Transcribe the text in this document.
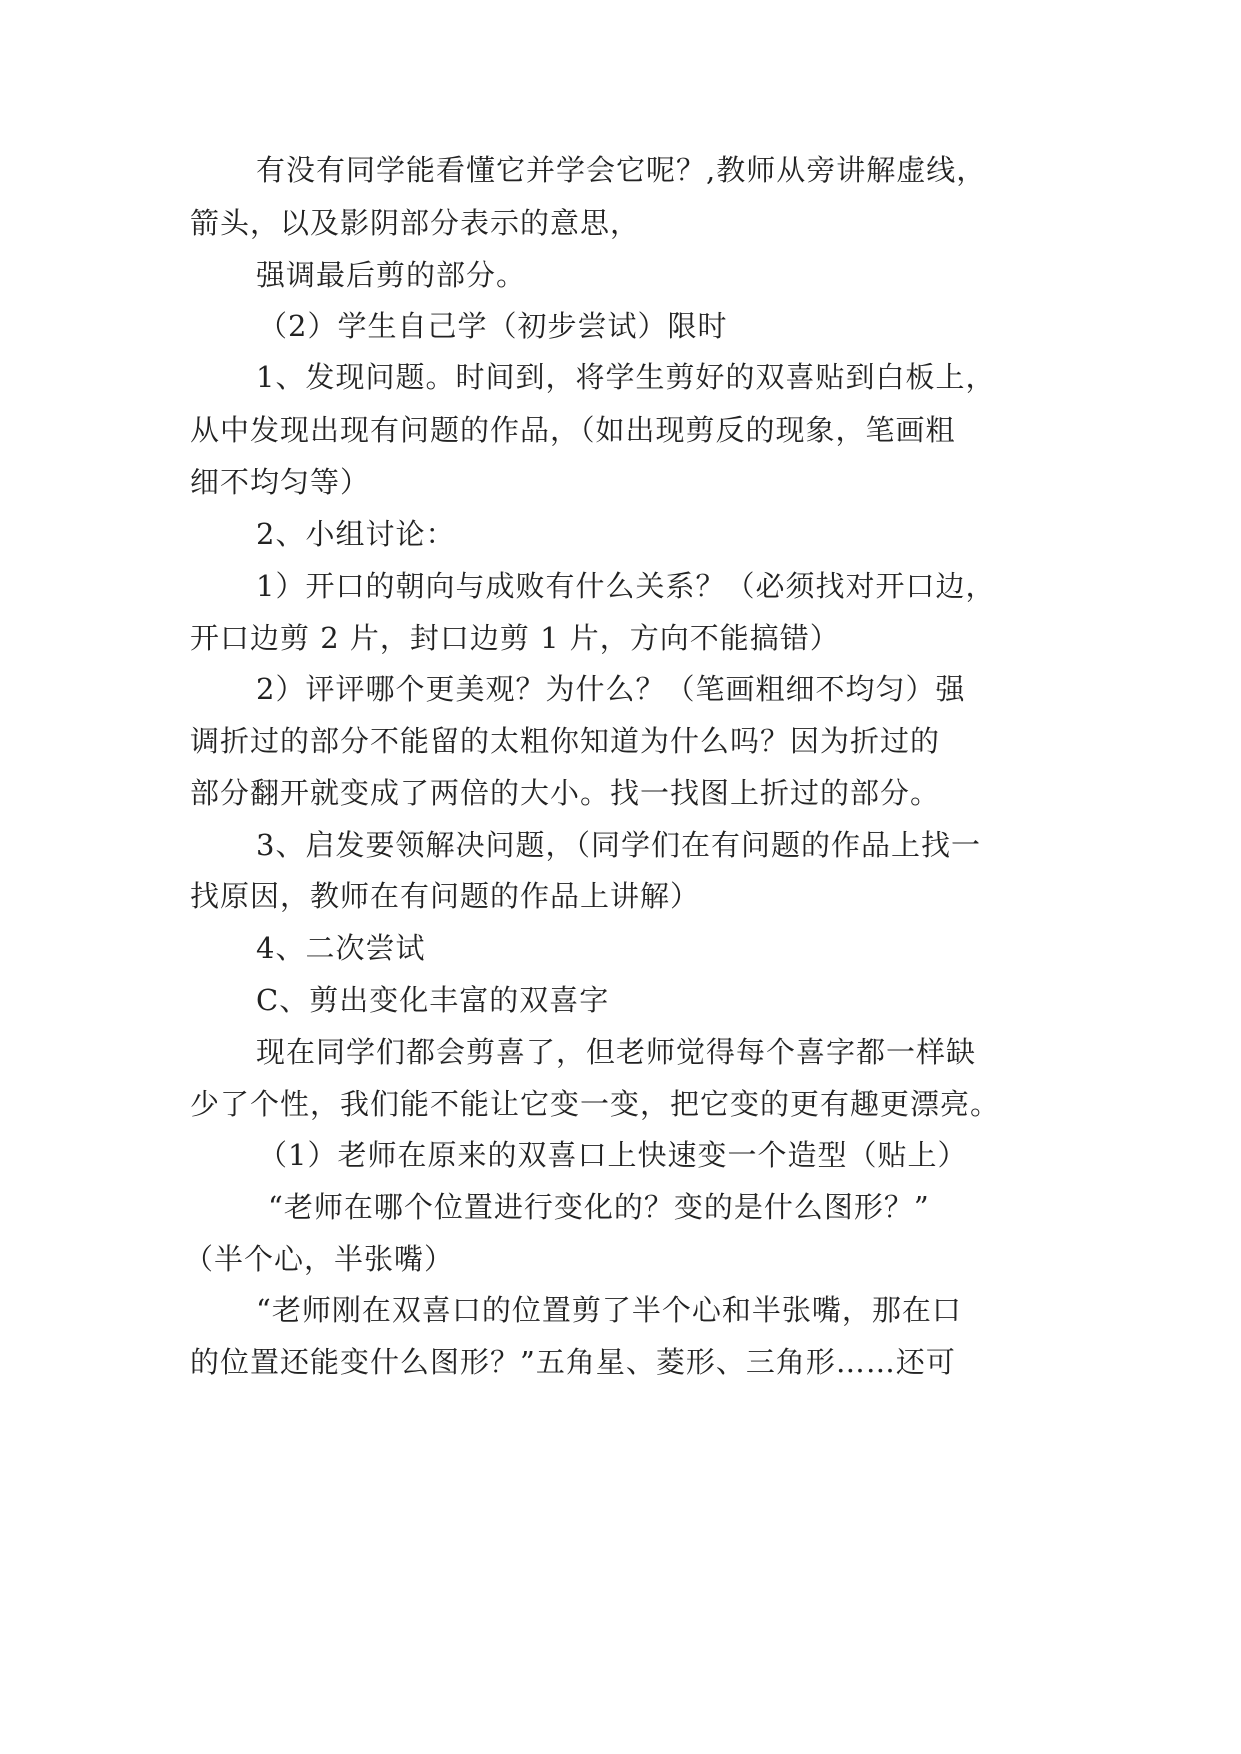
有没有同学能看懂它并学会它呢？,教师从旁讲解虚线，
箭头，以及影阴部分表示的意思，
强调最后剪的部分。
（2）学生自己学（初步尝试）限时
1、发现问题。时间到，将学生剪好的双喜贴到白板上，
从中发现出现有问题的作品，（如出现剪反的现象，笔画粗
细不均匀等）
2、小组讨论：
1）开口的朝向与成败有什么关系？（必须找对开口边，
开口边剪 2 片，封口边剪 1 片，方向不能搞错）
2）评评哪个更美观？为什么？（笔画粗细不均匀）强
调折过的部分不能留的太粗你知道为什么吗？因为折过的
部分翻开就变成了两倍的大小。找一找图上折过的部分。
3、启发要领解决问题，（同学们在有问题的作品上找一
找原因，教师在有问题的作品上讲解）
4、二次尝试
C、剪出变化丰富的双喜字
现在同学们都会剪喜了，但老师觉得每个喜字都一样缺
少了个性，我们能不能让它变一变，把它变的更有趣更漂亮。
（1）老师在原来的双喜口上快速变一个造型（贴上）
“老师在哪个位置进行变化的？变的是什么图形？”
（半个心，半张嘴）
“老师刚在双喜口的位置剪了半个心和半张嘴，那在口
的位置还能变什么图形？”五角星、菱形、三角形……还可
